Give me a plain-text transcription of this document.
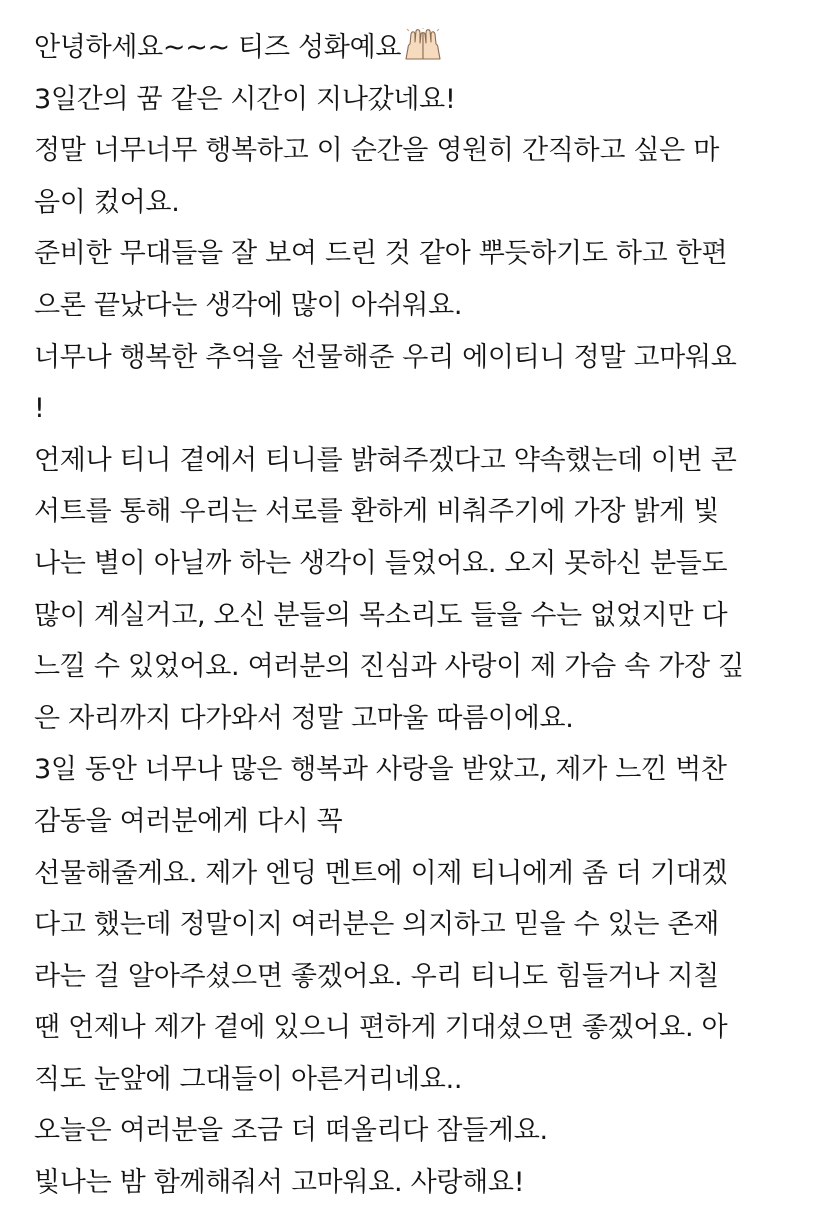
안녕하세요~~~ 티즈 성화예요
3일간의 꿈 같은 시간이 지나갔네요!
정말 너무너무 행복하고 이 순간을 영원히 간직하고 싶은 마
음이 컸어요.
준비한 무대들을 잘 보여 드린 것 같아 뿌듯하기도 하고 한편
으론 끝났다는 생각에 많이 아쉬워요.
너무나 행복한 추억을 선물해준 우리 에이티니 정말 고마워요
!
언제나 티니 곁에서 티니를 밝혀주겠다고 약속했는데 이번 콘
서트를 통해 우리는 서로를 환하게 비춰주기에 가장 밝게 빛
나는 별이 아닐까 하는 생각이 들었어요. 오지 못하신 분들도
많이 계실거고, 오신 분들의 목소리도 들을 수는 없었지만 다
느낄 수 있었어요. 여러분의 진심과 사랑이 제 가슴 속 가장 깊
은 자리까지 다가와서 정말 고마울 따름이에요.
3일 동안 너무나 많은 행복과 사랑을 받았고, 제가 느낀 벅찬
감동을 여러분에게 다시 꼭
선물해줄게요. 제가 엔딩 멘트에 이제 티니에게 좀 더 기대겠
다고 했는데 정말이지 여러분은 의지하고 믿을 수 있는 존재
라는 걸 알아주셨으면 좋겠어요. 우리 티니도 힘들거나 지칠
땐 언제나 제가 곁에 있으니 편하게 기대셨으면 좋겠어요. 아
직도 눈앞에 그대들이 아른거리네요..
오늘은 여러분을 조금 더 떠올리다 잠들게요.
빛나는 밤 함께해줘서 고마워요. 사랑해요!
